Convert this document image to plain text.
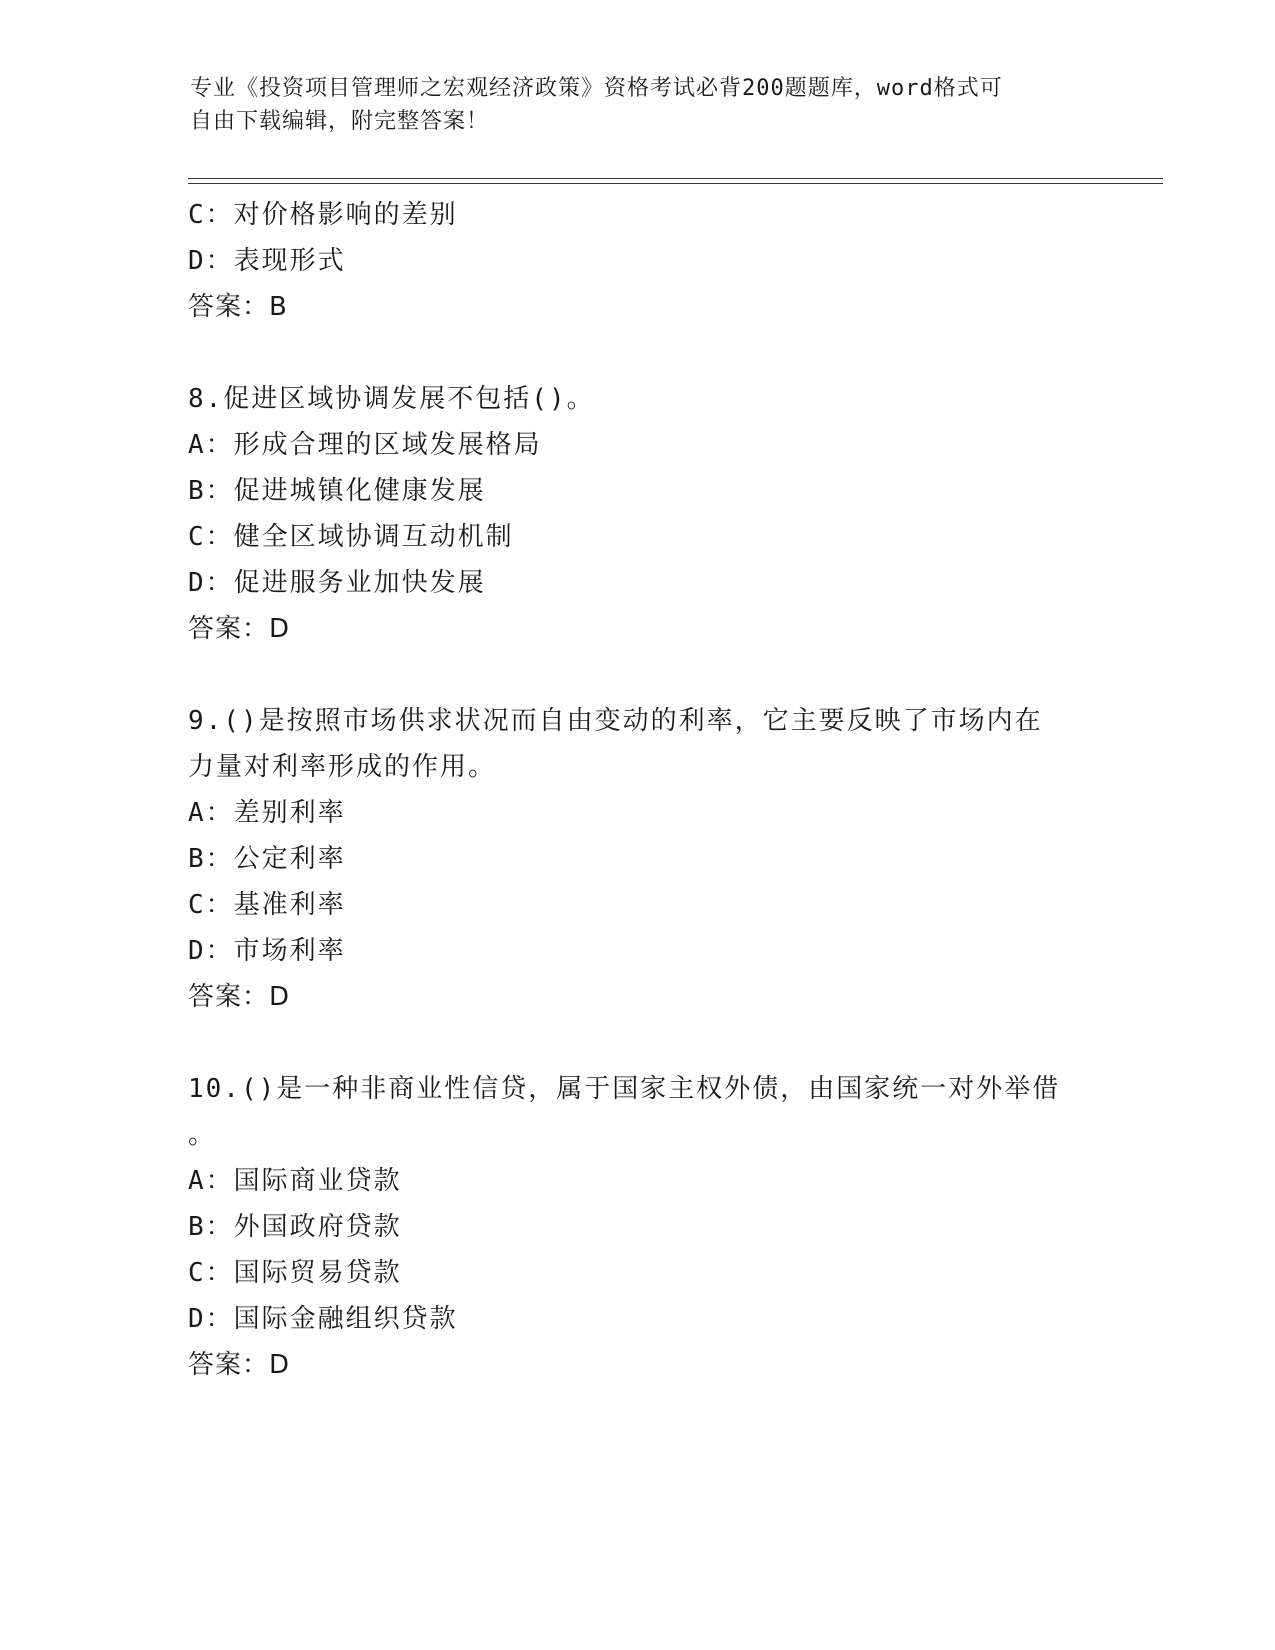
专业《投资项目管理师之宏观经济政策》资格考试必背200题题库，word格式可
自由下载编辑，附完整答案！
C：对价格影响的差别
D：表现形式
答案：B
8.促进区域协调发展不包括()。
A：形成合理的区域发展格局
B：促进城镇化健康发展
C：健全区域协调互动机制
D：促进服务业加快发展
答案：D
9.()是按照市场供求状况而自由变动的利率，它主要反映了市场内在
力量对利率形成的作用。
A：差别利率
B：公定利率
C：基准利率
D：市场利率
答案：D
10.()是一种非商业性信贷，属于国家主权外债，由国家统一对外举借
。
A：国际商业贷款
B：外国政府贷款
C：国际贸易贷款
D：国际金融组织贷款
答案：D
